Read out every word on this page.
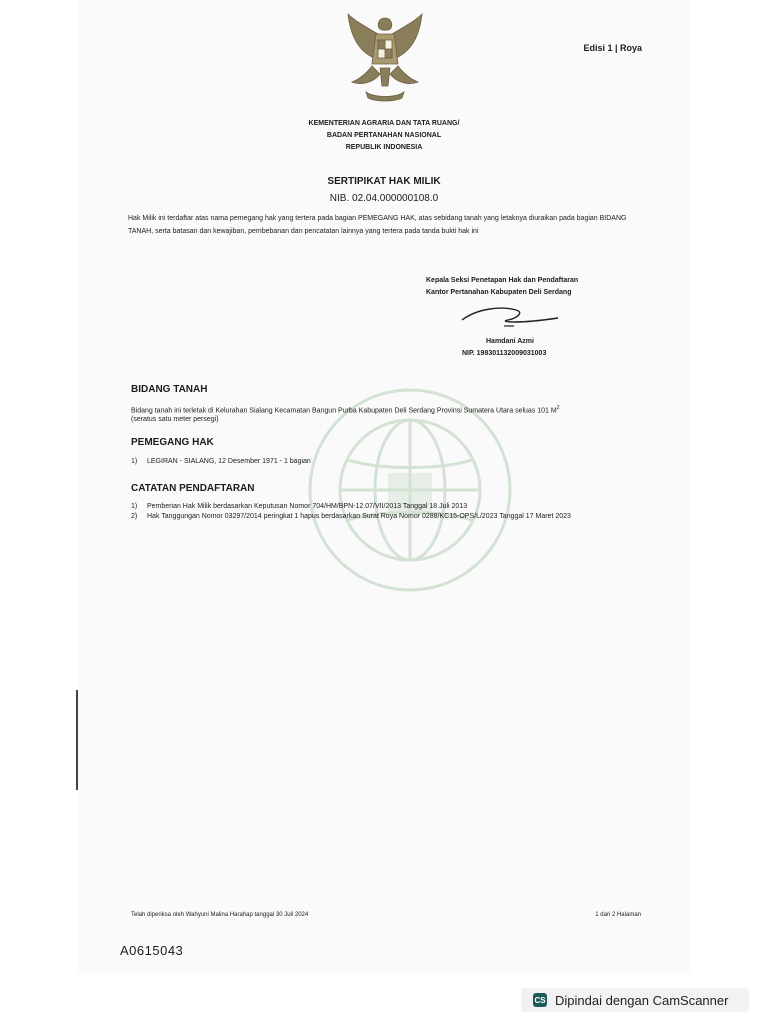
Edisi 1 | Roya
KEMENTERIAN AGRARIA DAN TATA RUANG/
BADAN PERTANAHAN NASIONAL
REPUBLIK INDONESIA
SERTIPIKAT HAK MILIK
NIB. 02.04.000000108.0
Hak Milik ini terdaftar atas nama pemegang hak yang tertera pada bagian PEMEGANG HAK, atas sebidang tanah yang letaknya diuraikan pada bagian BIDANG TANAH, serta batasan dan kewajiban, pembebanan dan pencatatan lainnya yang tertera pada tanda bukti hak ini
Kepala Seksi Penetapan Hak dan Pendaftaran
Kantor Pertanahan Kabupaten Deli Serdang
Hamdani Azmi
NIP. 198301132009031003
BIDANG TANAH
Bidang tanah ini terletak di Kelurahan Sialang Kecamatan Bangun Purba Kabupaten Deli Serdang Provinsi Sumatera Utara seluas 101 $M^2$
(seratus satu meter persegi)
PEMEGANG HAK
1)	LEGIRAN - SIALANG, 12 Desember 1971 - 1 bagian
CATATAN PENDAFTARAN
1)	Pemberian Hak Milik berdasarkan Keputusan Nomor 704/HM/BPN-12.07/VII/2013 Tanggal 18 Juli 2013
2)	Hak Tanggungan Nomor 03297/2014 peringkat 1 hapus berdasarkan Surat Roya Nomor 0288/KC15-OPS/L/2023 Tanggal 17 Maret 2023
Telah diperiksa oleh Wahyuni Malina Harahap tanggal 30 Juli 2024	1 dari 2 Halaman
A0615043
CS Dipindai dengan CamScanner
